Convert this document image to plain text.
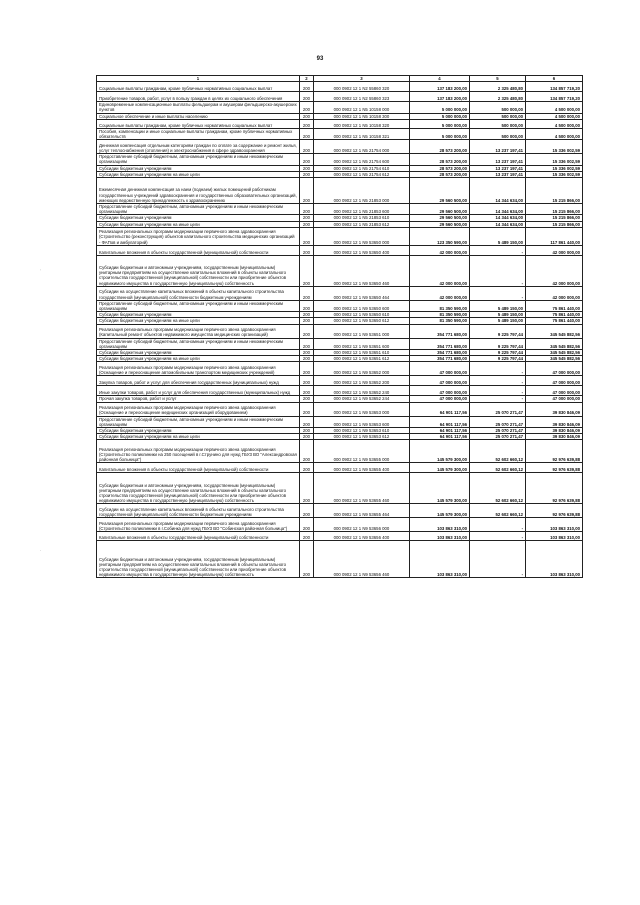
93
'
·
1	2	3	4	5	6
Социальные выплаты гражданам, кроме публичных нормативных социальных выплат	200	000 0902 12 1 N2 55860 320	137 183 200,00	2 325 480,80	134 857 719,20
Приобретение товаров, работ, услуг в пользу граждан в целях их социального обеспечения	200	000 0902 12 1 N2 55860 323	137 183 200,00	2 325 480,80	134 857 719,20
Единовременные компенсационные выплаты фельдшерам и акушерам фельдшерско-акушерских пунктов	200	000 0902 12 1 N5 10158 000	5 000 000,00	500 000,00	4 500 000,00
Социальное обеспечение и иные выплаты населению	200	000 0902 12 1 N5 10158 300	5 000 000,00	500 000,00	4 500 000,00
Социальные выплаты гражданам, кроме публичных нормативных социальных выплат	200	000 0902 12 1 N5 10158 320	5 000 000,00	500 000,00	4 500 000,00
Пособия, компенсации и иные социальные выплаты гражданам, кроме публичных нормативных обязательств	200	000 0902 12 1 N5 10158 321	5 000 000,00	500 000,00	4 500 000,00
Денежная компенсация отдельным категориям граждан по оплате за содержание и ремонт жилья, услуг теплоснабжения (отопления) и электроснабжения в сфере здравоохранения	200	000 0902 12 1 N5 21754 000	28 573 200,00	13 237 197,41	15 336 002,59
Предоставление субсидий бюджетным, автономным учреждениям и иным некоммерческим организациям	200	000 0902 12 1 N5 21754 600	28 573 200,00	13 237 197,41	15 336 002,59
Субсидии бюджетным учреждениям	200	000 0902 12 1 N5 21754 610	28 573 200,00	13 237 197,41	15 336 002,59
Субсидии бюджетным учреждениям на иные цели	200	000 0902 12 1 N5 21754 612	28 573 200,00	13 237 197,41	15 336 002,59
Ежемесячная денежная компенсация за наем (поднаем) жилых помещений работникам государственных учреждений здравоохранения и государственных образовательных организаций, имеющих ведомственную принадлежность к здравоохранению	200	000 0902 12 1 N5 21853 000	29 560 500,00	14 344 634,00	15 215 866,00
Предоставление субсидий бюджетным, автономным учреждениям и иным некоммерческим организациям	200	000 0902 12 1 N5 21853 600	29 560 500,00	14 344 634,00	15 215 866,00
Субсидии бюджетным учреждениям	200	000 0902 12 1 N5 21853 610	29 560 500,00	14 344 634,00	15 215 866,00
Субсидии бюджетным учреждениям на иные цели	200	000 0902 12 1 N5 21853 612	29 560 500,00	14 344 634,00	15 215 866,00
Реализация региональных программ модернизации первичного звена здравоохранения (Строительство (реконструкция) объектов капитального строительства медицинских организаций - ФАПов и амбулаторий)	200	000 0902 12 1 N9 53650 000	123 350 590,00	5 489 150,00	117 861 440,00
Капитальные вложения в объекты государственной (муниципальной) собственности	200	000 0902 12 1 N9 53650 400	42 000 000,00	-	42 000 000,00
Субсидии бюджетным и автономным учреждениям, государственным (муниципальным) унитарным предприятиям на осуществление капитальных вложений в объекты капитального строительства государственной (муниципальной) собственности или приобретение объектов недвижимого имущества в государственную (муниципальную) собственность	200	000 0902 12 1 N9 53650 460	42 000 000,00	-	42 000 000,00
Субсидии на осуществление капитальных вложений в объекты капитального строительства государственной (муниципальной) собственности бюджетным учреждениям	200	000 0902 12 1 N9 53650 464	42 000 000,00	-	42 000 000,00
Предоставление субсидий бюджетным, автономным учреждениям и иным некоммерческим организациям	200	000 0902 12 1 N9 53650 600	81 350 590,00	5 489 150,00	75 861 440,00
Субсидии бюджетным учреждениям	200	000 0902 12 1 N9 53650 610	81 350 590,00	5 489 150,00	75 861 440,00
Субсидии бюджетным учреждениям на иные цели	200	000 0902 12 1 N9 53650 612	81 350 590,00	5 489 150,00	75 861 440,00
Реализация региональных программ модернизации первичного звена здравоохранения (Капитальный ремонт объектов недвижимого имущества медицинских организаций)	200	000 0902 12 1 N9 53651 000	354 771 680,00	9 225 797,44	345 545 882,56
Предоставление субсидий бюджетным, автономным учреждениям и иным некоммерческим организациям	200	000 0902 12 1 N9 53651 600	354 771 680,00	9 225 797,44	345 545 882,56
Субсидии бюджетным учреждениям	200	000 0902 12 1 N9 53651 610	354 771 680,00	9 225 797,44	345 545 882,56
Субсидии бюджетным учреждениям на иные цели	200	000 0902 12 1 N9 53651 612	354 771 680,00	9 225 797,44	345 545 882,56
Реализация региональных программ модернизации первичного звена здравоохранения (Оснащение и переоснащение автомобильным транспортом медицинских учреждений)	200	000 0902 12 1 N9 53652 000	47 000 000,00	-	47 000 000,00
Закупка товаров, работ и услуг для обеспечения государственных (муниципальных) нужд	200	000 0902 12 1 N9 53652 200	47 000 000,00	-	47 000 000,00
Иные закупки товаров, работ и услуг для обеспечения государственных (муниципальных) нужд	200	000 0902 12 1 N9 53652 240	47 000 000,00	-	47 000 000,00
Прочая закупка товаров, работ и услуг	200	000 0902 12 1 N9 53652 244	47 000 000,00	-	47 000 000,00
Реализация региональных программ модернизации первичного звена здравоохранения (Оснащение и переоснащение медицинских организаций оборудованием)	200	000 0902 12 1 N9 53653 000	64 901 117,56	25 070 271,47	39 830 846,09
Предоставление субсидий бюджетным, автономным учреждениям и иным некоммерческим организациям	200	000 0902 12 1 N9 53653 600	64 901 117,56	25 070 271,47	39 830 846,09
Субсидии бюджетным учреждениям	200	000 0902 12 1 N9 53653 610	64 901 117,56	25 070 271,47	39 830 846,09
Субсидии бюджетным учреждениям на иные цели	200	000 0902 12 1 N9 53653 612	64 901 117,56	25 070 271,47	39 830 846,09
Реализация региональных программ модернизации первичного звена здравоохранения (Строительство поликлиники на 250 посещений в г.Струнино для нужд ГБУЗ ВО "Александровская районная больница")	200	000 0902 12 1 N9 53655 000	145 579 300,00	52 602 660,12	92 976 639,88
Капитальные вложения в объекты государственной (муниципальной) собственности	200	000 0902 12 1 N9 53655 400	145 579 300,00	52 602 660,12	92 976 639,88
Субсидии бюджетным и автономным учреждениям, государственным (муниципальным) унитарным предприятиям на осуществление капитальных вложений в объекты капитального строительства государственной (муниципальной) собственности или приобретение объектов недвижимого имущества в государственную (муниципальную) собственность	200	000 0902 12 1 N9 53655 460	145 579 300,00	52 602 660,12	92 976 639,88
Субсидии на осуществление капитальных вложений в объекты капитального строительства государственной (муниципальной) собственности бюджетным учреждениям	200	000 0902 12 1 N9 53655 464	145 579 300,00	52 602 660,12	92 976 639,88
Реализация региональных программ модернизации первичного звена здравоохранения (Строительство поликлиники в г.Собинка для нужд ГБУЗ ВО "Собинская районная больница")	200	000 0902 12 1 N9 53656 000	103 863 310,00	-	103 863 310,00
Капитальные вложения в объекты государственной (муниципальной) собственности	200	000 0902 12 1 N9 53656 400	103 863 310,00	-	103 863 310,00
Субсидии бюджетным и автономным учреждениям, государственным (муниципальным) унитарным предприятиям на осуществление капитальных вложений в объекты капитального строительства государственной (муниципальной) собственности или приобретение объектов недвижимого имущества в государственную (муниципальную) собственность	200	000 0902 12 1 N9 53656 460	103 863 310,00	-	103 863 310,00
